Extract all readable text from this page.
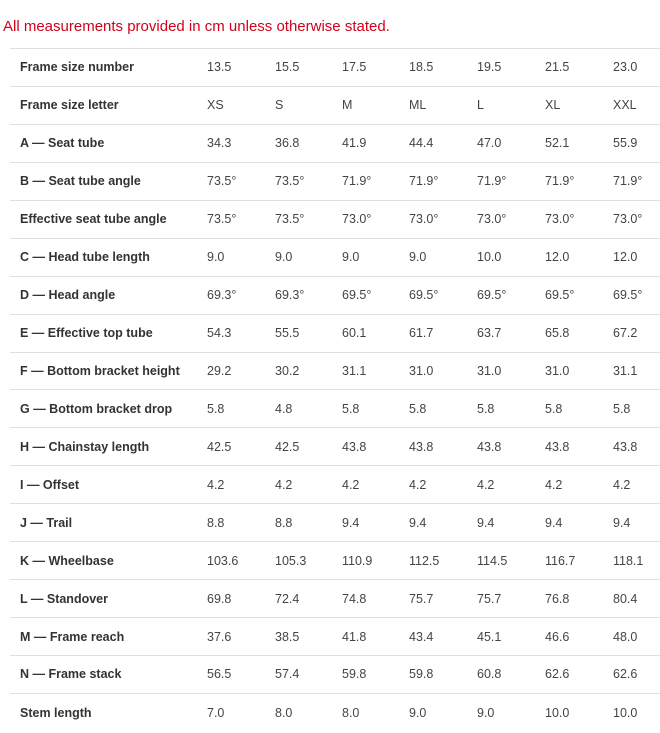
All measurements provided in cm unless otherwise stated.
Frame size number	13.5	15.5	17.5	18.5	19.5	21.5	23.0
Frame size letter	XS	S	M	ML	L	XL	XXL
A — Seat tube	34.3	36.8	41.9	44.4	47.0	52.1	55.9
B — Seat tube angle	73.5°	73.5°	71.9°	71.9°	71.9°	71.9°	71.9°
Effective seat tube angle	73.5°	73.5°	73.0°	73.0°	73.0°	73.0°	73.0°
C — Head tube length	9.0	9.0	9.0	9.0	10.0	12.0	12.0
D — Head angle	69.3°	69.3°	69.5°	69.5°	69.5°	69.5°	69.5°
E — Effective top tube	54.3	55.5	60.1	61.7	63.7	65.8	67.2
F — Bottom bracket height	29.2	30.2	31.1	31.0	31.0	31.0	31.1
G — Bottom bracket drop	5.8	4.8	5.8	5.8	5.8	5.8	5.8
H — Chainstay length	42.5	42.5	43.8	43.8	43.8	43.8	43.8
I — Offset	4.2	4.2	4.2	4.2	4.2	4.2	4.2
J — Trail	8.8	8.8	9.4	9.4	9.4	9.4	9.4
K — Wheelbase	103.6	105.3	110.9	112.5	114.5	116.7	118.1
L — Standover	69.8	72.4	74.8	75.7	75.7	76.8	80.4
M — Frame reach	37.6	38.5	41.8	43.4	45.1	46.6	48.0
N — Frame stack	56.5	57.4	59.8	59.8	60.8	62.6	62.6
Stem length	7.0	8.0	8.0	9.0	9.0	10.0	10.0
